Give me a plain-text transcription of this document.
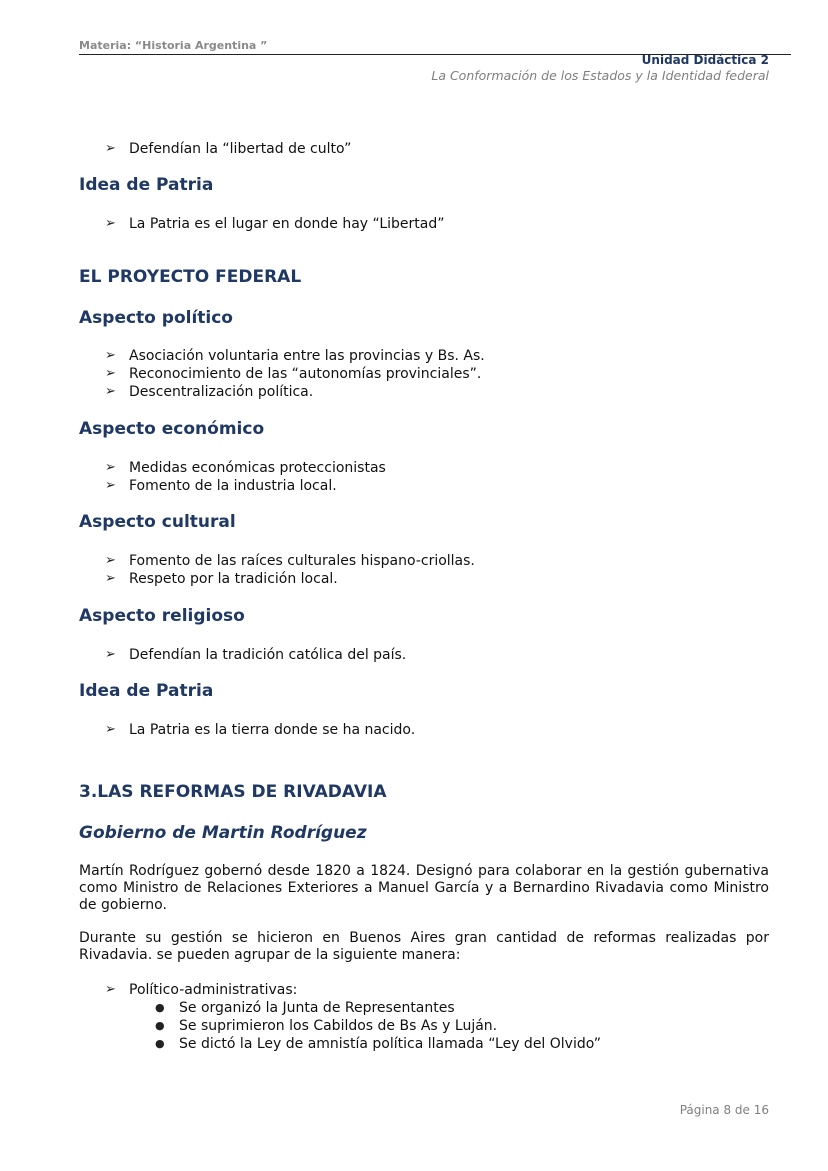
Materia: “Historia Argentina ”
Unidad Didáctica 2
La Conformación de los Estados y la Identidad federal
➢ Defendían la “libertad de culto”
Idea de Patria
➢ La Patria es el lugar en donde hay “Libertad”
EL PROYECTO FEDERAL
Aspecto político
➢ Asociación voluntaria entre las provincias y Bs. As.
➢ Reconocimiento de las “autonomías provinciales”.
➢ Descentralización política.
Aspecto económico
➢ Medidas económicas proteccionistas
➢ Fomento de la industria local.
Aspecto cultural
➢ Fomento de las raíces culturales hispano-criollas.
➢ Respeto por la tradición local.
Aspecto religioso
➢ Defendían la tradición católica del país.
Idea de Patria
➢ La Patria es la tierra donde se ha nacido.
3.LAS REFORMAS DE RIVADAVIA
Gobierno de Martin Rodríguez

Martín Rodríguez gobernó desde 1820 a 1824. Designó para colaborar en la gestión gubernativa como Ministro de Relaciones Exteriores a Manuel García y a Bernardino Rivadavia como Ministro de gobierno.

Durante su gestión se hicieron en Buenos Aires gran cantidad de reformas realizadas por Rivadavia. se pueden agrupar de la siguiente manera:

➢ Político-administrativas:
● Se organizó la Junta de Representantes
● Se suprimieron los Cabildos de Bs As y Luján.
● Se dictó la Ley de amnistía política llamada “Ley del Olvido”
Página 8 de 16
